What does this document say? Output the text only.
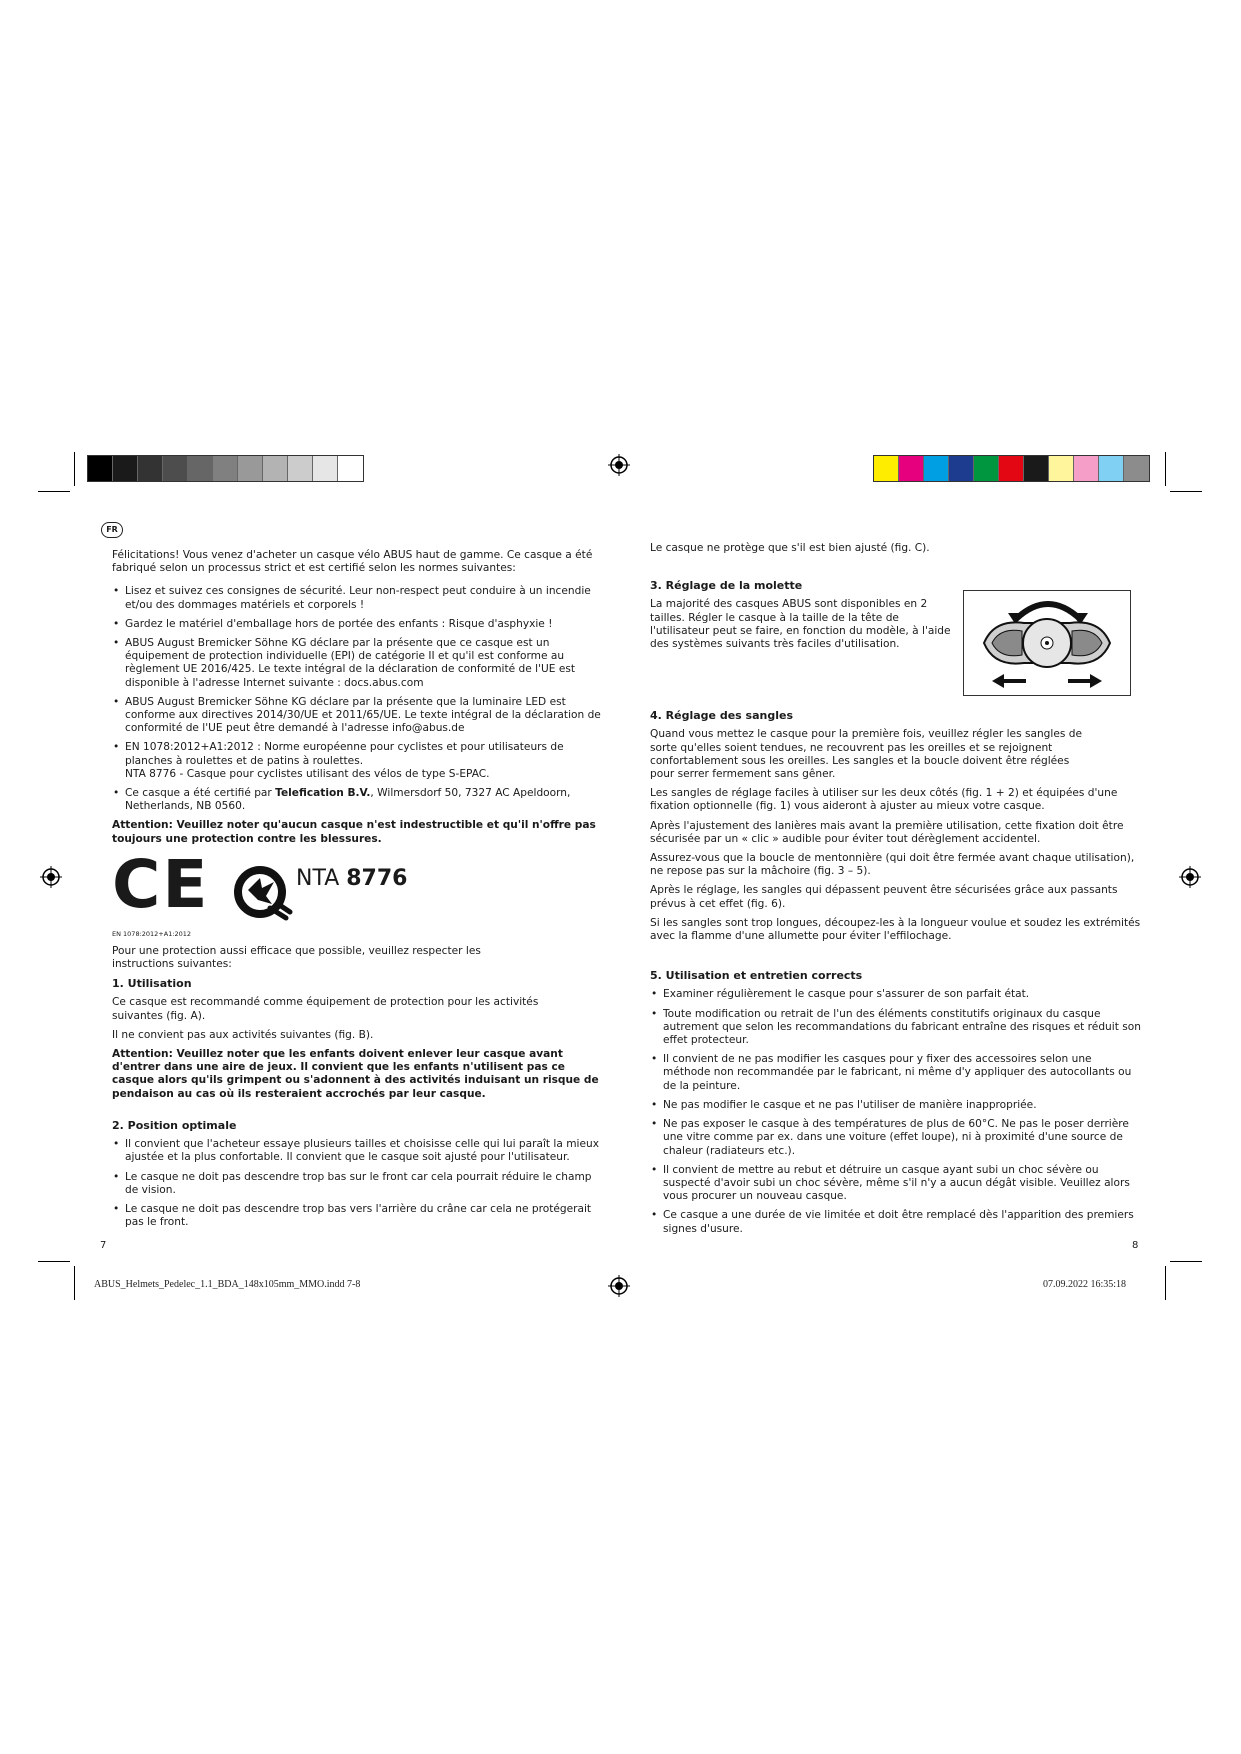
FR

Félicitations! Vous venez d'acheter un casque vélo ABUS haut de gamme. Ce casque a été fabriqué selon un processus strict et est certifié selon les normes suivantes:

• Lisez et suivez ces consignes de sécurité. Leur non-respect peut conduire à un incendie et/ou des dommages matériels et corporels !
• Gardez le matériel d'emballage hors de portée des enfants : Risque d'asphyxie !
• ABUS August Bremicker Söhne KG déclare par la présente que ce casque est un équipement de protection individuelle (EPI) de catégorie II et qu'il est conforme au règlement UE 2016/425. Le texte intégral de la déclaration de conformité de l'UE est disponible à l'adresse Internet suivante : docs.abus.com
• ABUS August Bremicker Söhne KG déclare par la présente que la luminaire LED est conforme aux directives 2014/30/UE et 2011/65/UE. Le texte intégral de la déclaration de conformité de l'UE peut être demandé à l'adresse info@abus.de
• EN 1078:2012+A1:2012 : Norme européenne pour cyclistes et pour utilisateurs de planches à roulettes et de patins à roulettes.
NTA 8776 - Casque pour cyclistes utilisant des vélos de type S-EPAC.
• Ce casque a été certifié par Telefication B.V., Wilmersdorf 50, 7327 AC Apeldoorn, Netherlands, NB 0560.

Attention: Veuillez noter qu'aucun casque n'est indestructible et qu'il n'offre pas toujours une protection contre les blessures.

CE	NTA 8776
EN 1078:2012+A1:2012

Pour une protection aussi efficace que possible, veuillez respecter les instructions suivantes:

1. Utilisation

Ce casque est recommandé comme équipement de protection pour les activités suivantes (fig. A).

Il ne convient pas aux activités suivantes (fig. B).

Attention: Veuillez noter que les enfants doivent enlever leur casque avant d'entrer dans une aire de jeux. Il convient que les enfants n'utilisent pas ce casque alors qu'ils grimpent ou s'adonnent à des activités induisant un risque de pendaison au cas où ils resteraient accrochés par leur casque.

2. Position optimale
• Il convient que l'acheteur essaye plusieurs tailles et choisisse celle qui lui paraît la mieux ajustée et la plus confortable. Il convient que le casque soit ajusté pour l'utilisateur.
• Le casque ne doit pas descendre trop bas sur le front car cela pourrait réduire le champ de vision.
• Le casque ne doit pas descendre trop bas vers l'arrière du crâne car cela ne protégerait pas le front.
7

Le casque ne protège que s'il est bien ajusté (fig. C).

3. Réglage de la molette

La majorité des casques ABUS sont disponibles en 2 tailles. Régler le casque à la taille de la tête de l'utilisateur peut se faire, en fonction du modèle, à l'aide des systèmes suivants très faciles d'utilisation.

4. Réglage des sangles

Quand vous mettez le casque pour la première fois, veuillez régler les sangles de sorte qu'elles soient tendues, ne recouvrent pas les oreilles et se rejoignent confortablement sous les oreilles. Les sangles et la boucle doivent être réglées pour serrer fermement sans gêner.

Les sangles de réglage faciles à utiliser sur les deux côtés (fig. 1 + 2) et équipées d'une fixation optionnelle (fig. 1) vous aideront à ajuster au mieux votre casque.

Après l'ajustement des lanières mais avant la première utilisation, cette fixation doit être sécurisée par un « clic » audible pour éviter tout dérèglement accidentel.

Assurez-vous que la boucle de mentonnière (qui doit être fermée avant chaque utilisation), ne repose pas sur la mâchoire (fig. 3 – 5).

Après le réglage, les sangles qui dépassent peuvent être sécurisées grâce aux passants prévus à cet effet (fig. 6).

Si les sangles sont trop longues, découpez-les à la longueur voulue et soudez les extrémités avec la flamme d'une allumette pour éviter l'effilochage.

5. Utilisation et entretien corrects
• Examiner régulièrement le casque pour s'assurer de son parfait état.
• Toute modification ou retrait de l'un des éléments constitutifs originaux du casque autrement que selon les recommandations du fabricant entraîne des risques et réduit son effet protecteur.
• Il convient de ne pas modifier les casques pour y fixer des accessoires selon une méthode non recommandée par le fabricant, ni même d'y appliquer des autocollants ou de la peinture.
• Ne pas modifier le casque et ne pas l'utiliser de manière inappropriée.
• Ne pas exposer le casque à des températures de plus de 60°C. Ne pas le poser derrière une vitre comme par ex. dans une voiture (effet loupe), ni à proximité d'une source de chaleur (radiateurs etc.).
• Il convient de mettre au rebut et détruire un casque ayant subi un choc sévère ou suspecté d'avoir subi un choc sévère, même s'il n'y a aucun dégât visible. Veuillez alors vous procurer un nouveau casque.
• Ce casque a une durée de vie limitée et doit être remplacé dès l'apparition des premiers signes d'usure.
8
ABUS_Helmets_Pedelec_1.1_BDA_148x105mm_MMO.indd 7-8	07.09.2022 16:35:18
